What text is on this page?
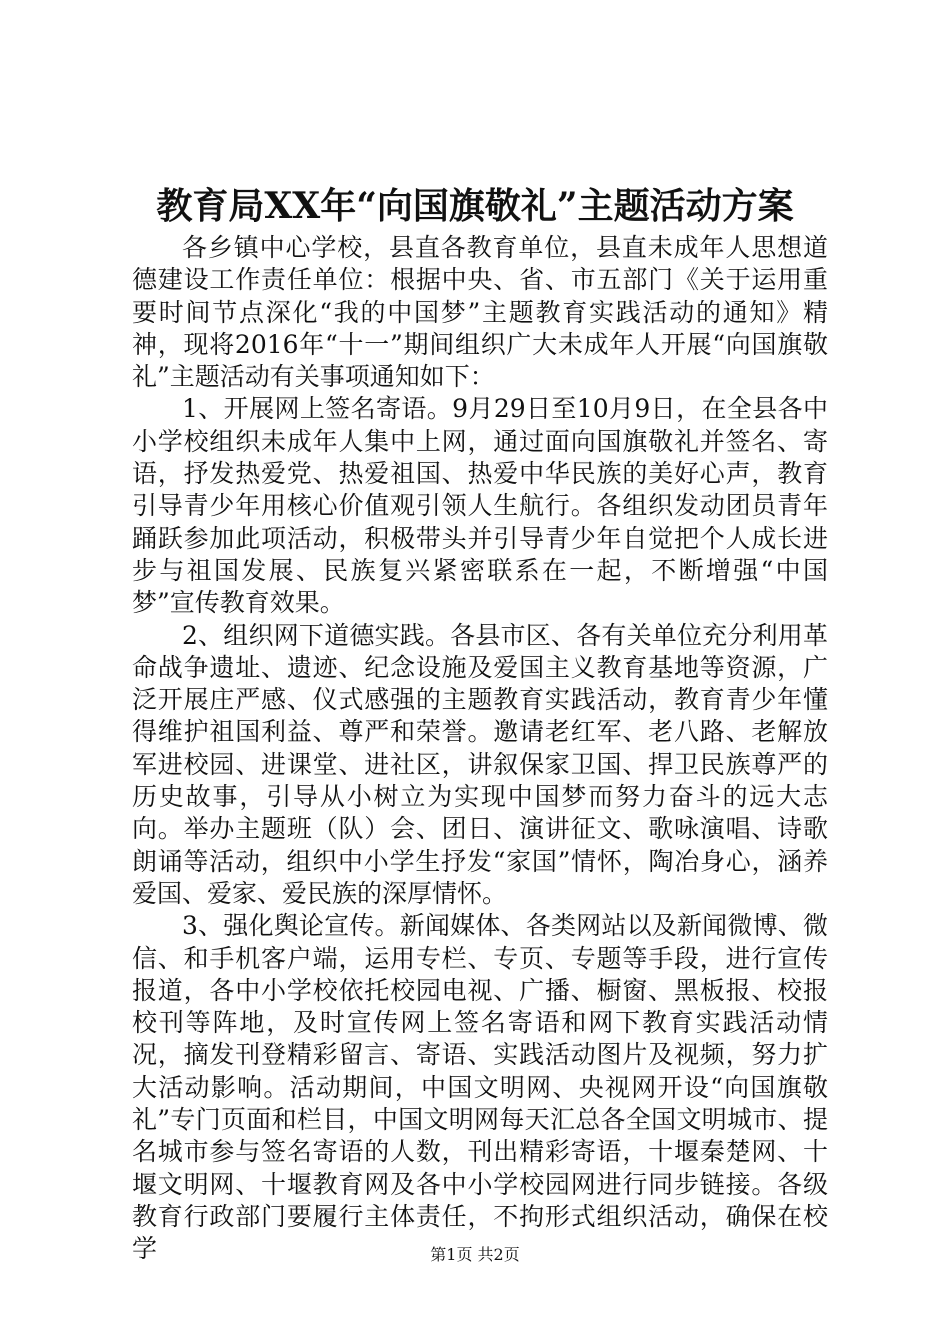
教育局XX年“向国旗敬礼”主题活动方案

各乡镇中心学校，县直各教育单位，县直未成年人思想道德建设工作责任单位：根据中央、省、市五部门《关于运用重要时间节点深化“我的中国梦”主题教育实践活动的通知》精神，现将2016年“十一”期间组织广大未成年人开展“向国旗敬礼”主题活动有关事项通知如下：

1、开展网上签名寄语。9月29日至10月9日，在全县各中小学校组织未成年人集中上网，通过面向国旗敬礼并签名、寄语，抒发热爱党、热爱祖国、热爱中华民族的美好心声，教育引导青少年用核心价值观引领人生航行。各组织发动团员青年踊跃参加此项活动，积极带头并引导青少年自觉把个人成长进步与祖国发展、民族复兴紧密联系在一起，不断增强“中国梦”宣传教育效果。

2、组织网下道德实践。各县市区、各有关单位充分利用革命战争遗址、遗迹、纪念设施及爱国主义教育基地等资源，广泛开展庄严感、仪式感强的主题教育实践活动，教育青少年懂得维护祖国利益、尊严和荣誉。邀请老红军、老八路、老解放军进校园、进课堂、进社区，讲叙保家卫国、捍卫民族尊严的历史故事，引导从小树立为实现中国梦而努力奋斗的远大志向。举办主题班（队）会、团日、演讲征文、歌咏演唱、诗歌朗诵等活动，组织中小学生抒发“家国”情怀，陶冶身心，涵养爱国、爱家、爱民族的深厚情怀。

3、强化舆论宣传。新闻媒体、各类网站以及新闻微博、微信、和手机客户端，运用专栏、专页、专题等手段，进行宣传报道，各中小学校依托校园电视、广播、橱窗、黑板报、校报校刊等阵地，及时宣传网上签名寄语和网下教育实践活动情况，摘发刊登精彩留言、寄语、实践活动图片及视频，努力扩大活动影响。活动期间，中国文明网、央视网开设“向国旗敬礼”专门页面和栏目，中国文明网每天汇总各全国文明城市、提名城市参与签名寄语的人数，刊出精彩寄语，十堰秦楚网、十堰文明网、十堰教育网及各中小学校园网进行同步链接。各级教育行政部门要履行主体责任，不拘形式组织活动，确保在校学	第1页 共2页
